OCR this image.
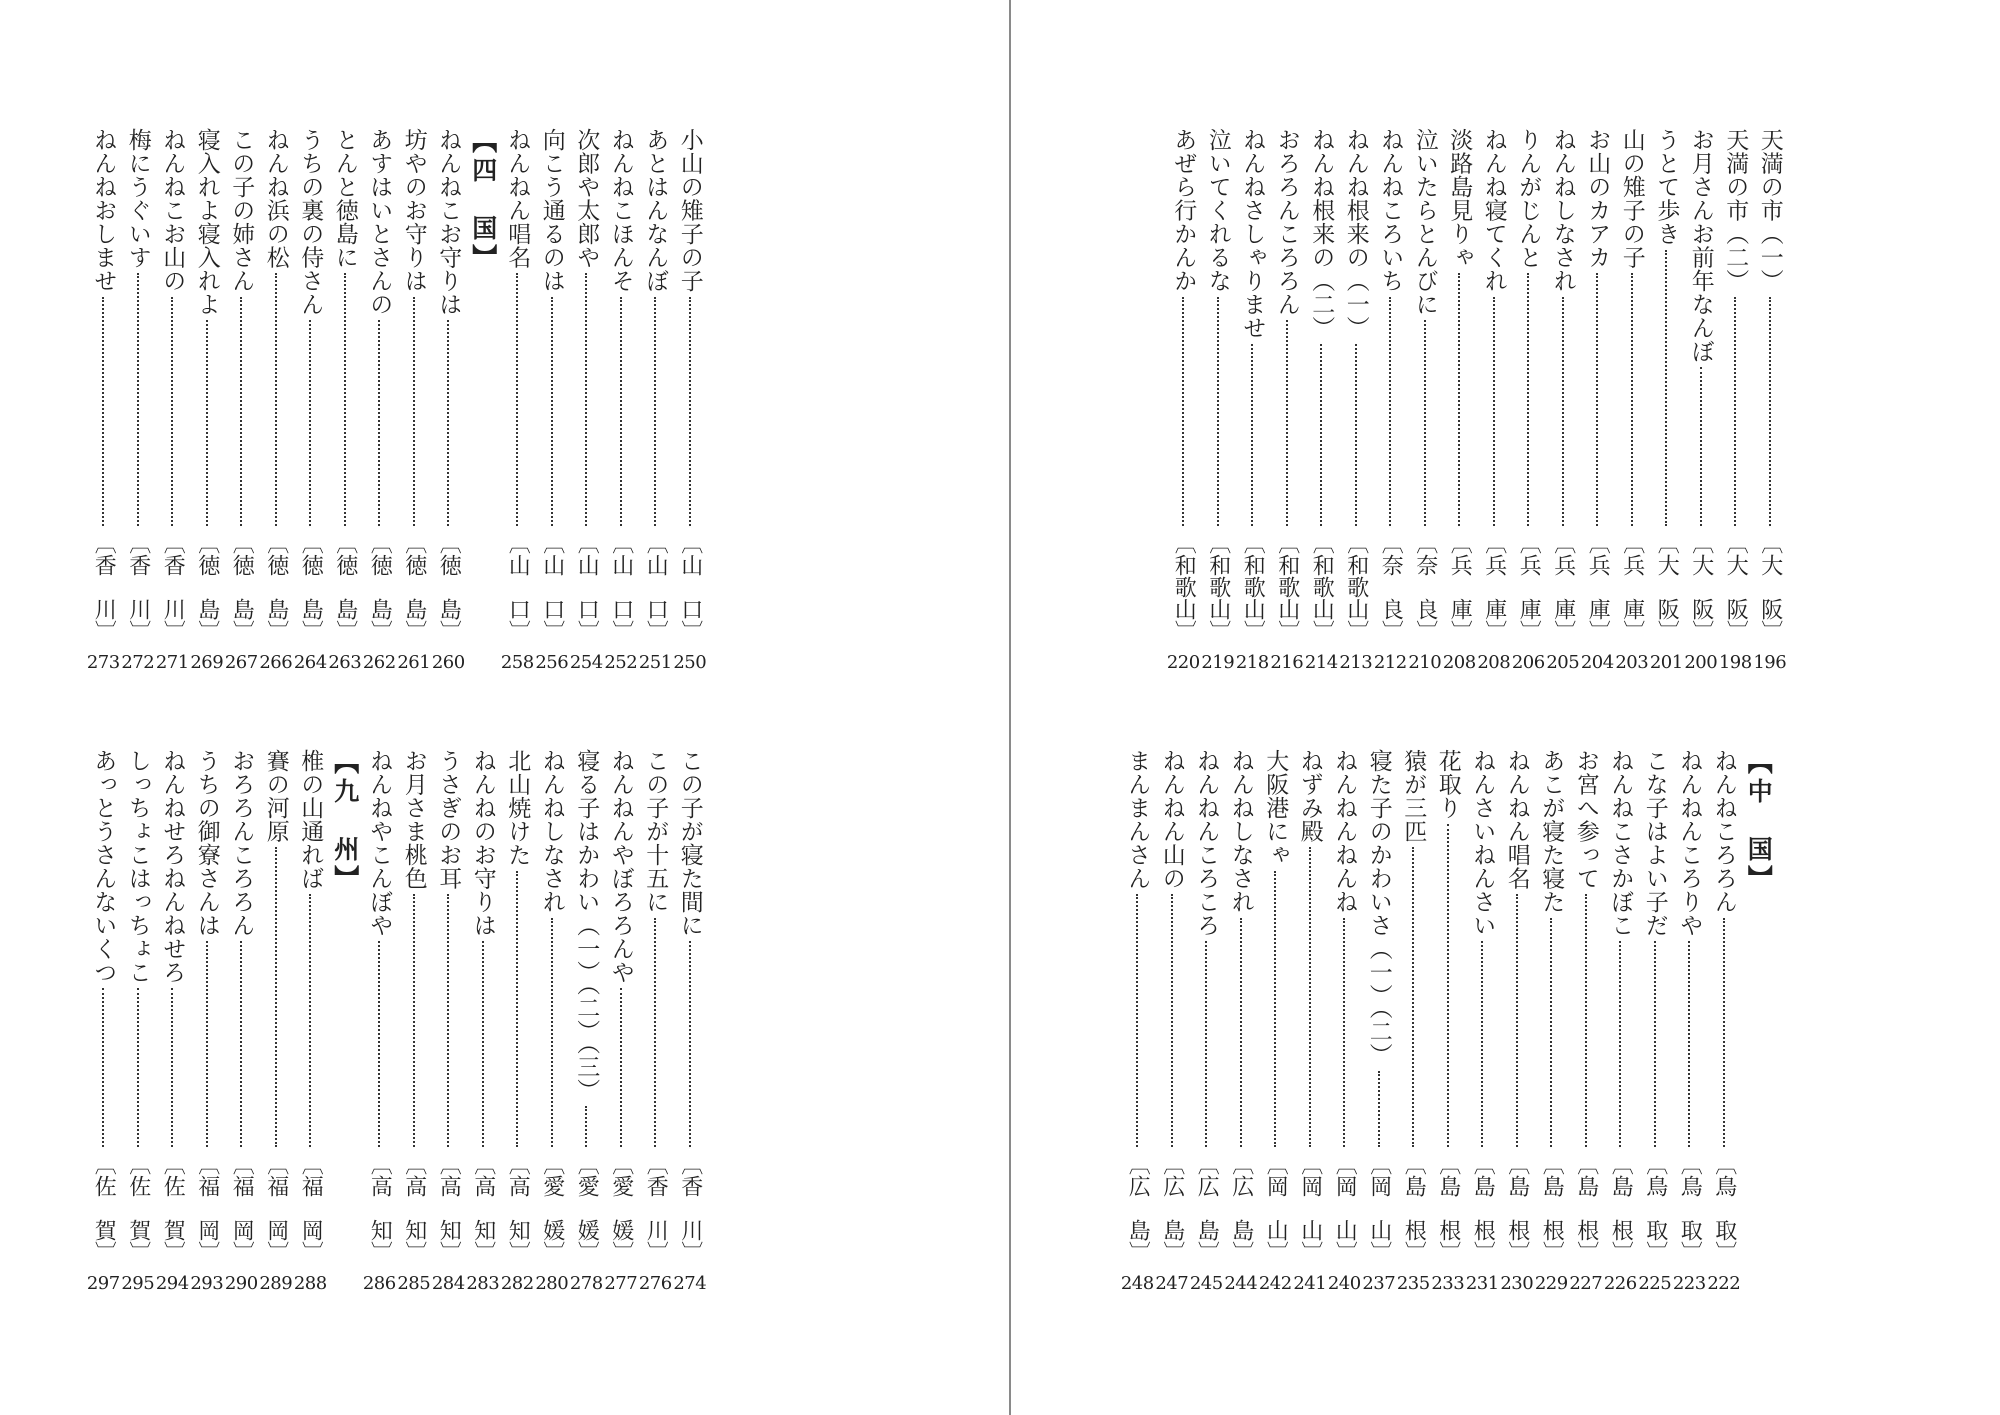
天満の市（一）
〔大　阪〕
196
天満の市（二）
〔大　阪〕
198
お月さんお前年なんぼ
〔大　阪〕
200
うとて歩き
〔大　阪〕
201
山の雉子の子
〔兵　庫〕
203
お山のカアカ
〔兵　庫〕
204
ねんねしなされ
〔兵　庫〕
205
りんがじんと
〔兵　庫〕
206
ねんね寝てくれ
〔兵　庫〕
208
淡路島見りゃ
〔兵　庫〕
208
泣いたらとんびに
〔奈　良〕
210
ねんねころいち
〔奈　良〕
212
ねんね根来の（一）
〔和歌山〕
213
ねんね根来の（二）
〔和歌山〕
214
おろろんころろん
〔和歌山〕
216
ねんねさしゃりませ
〔和歌山〕
218
泣いてくれるな
〔和歌山〕
219
あぜら行かんか
〔和歌山〕
220
【中　国】
ねんねころろん
〔鳥　取〕
222
ねんねんころりや
〔鳥　取〕
223
こな子はよい子だ
〔鳥　取〕
225
ねんねこさかぼこ
〔島　根〕
226
お宮へ参って
〔島　根〕
227
あこが寝た寝た
〔島　根〕
229
ねんねん唱名
〔島　根〕
230
ねんさいねんさい
〔島　根〕
231
花取り
〔島　根〕
233
猿が三匹
〔島　根〕
235
寝た子のかわいさ（一）（二）
〔岡　山〕
237
ねんねんねんね
〔岡　山〕
240
ねずみ殿
〔岡　山〕
241
大阪港にゃ
〔岡　山〕
242
ねんねしなされ
〔広　島〕
244
ねんねんころころ
〔広　島〕
245
ねんねん山の
〔広　島〕
247
まんまんさん
〔広　島〕
248
小山の雉子の子
〔山　口〕
250
あとはんなんぼ
〔山　口〕
251
ねんねこほんそ
〔山　口〕
252
次郎や太郎や
〔山　口〕
254
向こう通るのは
〔山　口〕
256
ねんねん唱名
〔山　口〕
258
【四　国】
ねんねこお守りは
〔徳　島〕
260
坊やのお守りは
〔徳　島〕
261
あすはいとさんの
〔徳　島〕
262
とんと徳島に
〔徳　島〕
263
うちの裏の侍さん
〔徳　島〕
264
ねんね浜の松
〔徳　島〕
266
この子の姉さん
〔徳　島〕
267
寝入れよ寝入れよ
〔徳　島〕
269
ねんねこお山の
〔香　川〕
271
梅にうぐいす
〔香　川〕
272
ねんねおしませ
〔香　川〕
273
この子が寝た間に
〔香　川〕
274
この子が十五に
〔香　川〕
276
ねんねんやぼろろんや
〔愛　媛〕
277
寝る子はかわい（一）（二）（三）
〔愛　媛〕
278
ねんねしなされ
〔愛　媛〕
280
北山焼けた
〔高　知〕
282
ねんねのお守りは
〔高　知〕
283
うさぎのお耳
〔高　知〕
284
お月さま桃色
〔高　知〕
285
ねんねやこんぼや
〔高　知〕
286
【九　州】
椎の山通れば
〔福　岡〕
288
賽の河原
〔福　岡〕
289
おろろんころろん
〔福　岡〕
290
うちの御寮さんは
〔福　岡〕
293
ねんねせろねんねせろ
〔佐　賀〕
294
しっちょこはっちょこ
〔佐　賀〕
295
あっとうさんないくつ
〔佐　賀〕
297
